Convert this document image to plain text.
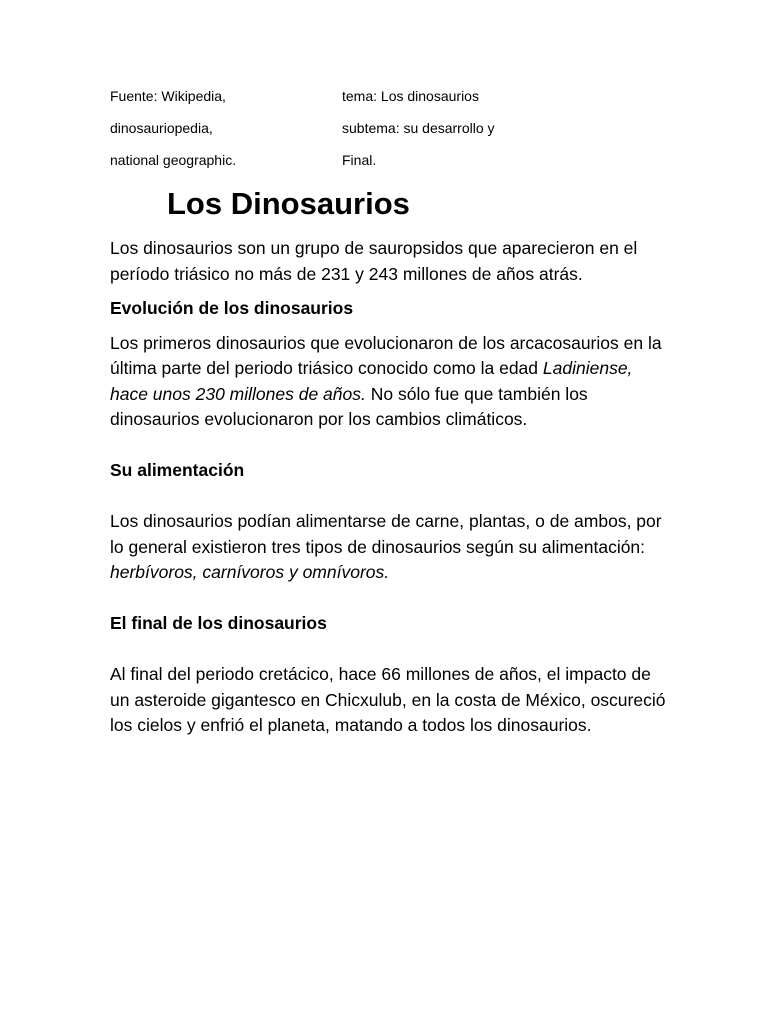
Fuente: Wikipedia,	tema: Los dinosaurios
dinosauriopedia,	subtema: su desarrollo y
national geographic.	Final.
Los Dinosaurios

Los dinosaurios son un grupo de sauropsidos que aparecieron en el período triásico no más de 231 y 243 millones de años atrás.

Evolución de los dinosaurios

Los primeros dinosaurios que evolucionaron de los arcacosaurios en la última parte del periodo triásico conocido como la edad Ladiniense, hace unos 230 millones de años. No sólo fue que también los dinosaurios evolucionaron por los cambios climáticos.

Su alimentación

Los dinosaurios podían alimentarse de carne, plantas, o de ambos, por lo general existieron tres tipos de dinosaurios según su alimentación: herbívoros, carnívoros y omnívoros.

El final de los dinosaurios

Al final del periodo cretácico, hace 66 millones de años, el impacto de un asteroide gigantesco en Chicxulub, en la costa de México, oscureció los cielos y enfrió el planeta, matando a todos los dinosaurios.
